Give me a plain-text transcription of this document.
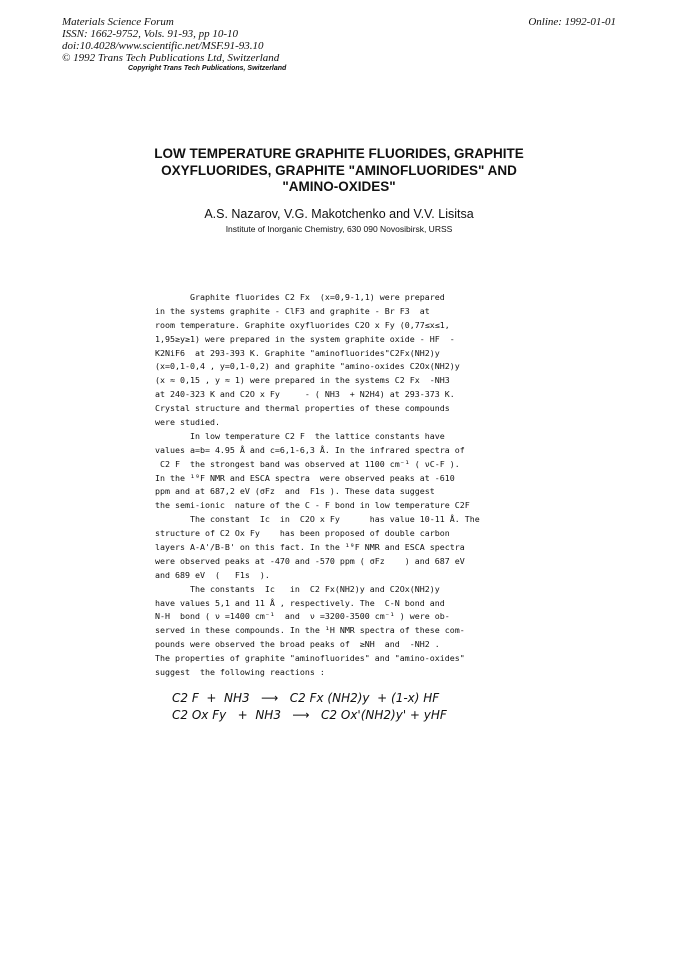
Materials Science Forum
ISSN: 1662-9752, Vols. 91-93, pp 10-10
doi:10.4028/www.scientific.net/MSF.91-93.10
© 1992 Trans Tech Publications Ltd, Switzerland
Copyright Trans Tech Publications, Switzerland
Online: 1992-01-01
LOW TEMPERATURE GRAPHITE FLUORIDES, GRAPHITE
OXYFLUORIDES, GRAPHITE "AMINOFLUORIDES" AND
"AMINO-OXIDES"
A.S. Nazarov, V.G. Makotchenko and V.V. Lisitsa
Institute of Inorganic Chemistry, 630 090 Novosibirsk, URSS
Graphite fluorides C2 Fx  (x=0,9-1,1) were prepared
in the systems graphite - ClF3 and graphite - Br F3  at
room temperature. Graphite oxyfluorides C2O x Fy (0,77≤x≤1,
1,95≥y≥1) were prepared in the system graphite oxide - HF  -
K2NiF6  at 293-393 K. Graphite "aminofluorides"C2Fx(NH2)y
(x=0,1-0,4 , y=0,1-0,2) and graphite "amino-oxides C2Ox(NH2)y
(x ≈ 0,15 , y ≈ 1) were prepared in the systems C2 Fx  -NH3
at 240-323 K and C2O x Fy     - ( NH3  + N2H4) at 293-373 K.
Crystal structure and thermal properties of these compounds
were studied.
In low temperature C2 F  the lattice constants have
values a=b= 4.95 Å and c=6,1-6,3 Å. In the infrared spectra of
C2 F  the strongest band was observed at 1100 cm⁻¹ ( νC-F ).
In the ¹⁹F NMR and ESCA spectra  were observed peaks at -610
ppm and at 687,2 eV (σFz  and  F1s ). These data suggest
the semi-ionic  nature of the C - F bond in low temperature C2F
The constant  Ic  in  C2O x Fy      has value 10-11 Å. The
structure of C2 Ox Fy    has been proposed of double carbon
layers A-A'/B-B' on this fact. In the ¹⁹F NMR and ESCA spectra
were observed peaks at -470 and -570 ppm ( σFz    ) and 687 eV
and 689 eV  (   F1s  ).
The constants  Ic   in  C2 Fx(NH2)y and C2Ox(NH2)y
have values 5,1 and 11 Å , respectively. The  C-N bond and
N-H  bond ( ν =1400 cm⁻¹  and  ν =3200-3500 cm⁻¹ ) were ob-
served in these compounds. In the ¹H NMR spectra of these com-
pounds were observed the broad peaks of  ≥NH  and  -NH2 .
The properties of graphite "aminofluorides" and "amino-oxides"
suggest  the following reactions :
C2 F  +  NH3   ⟶   C2 Fx (NH2)y  + (1-x) HF
C2 Ox Fy   +  NH3   ⟶   C2 Ox'(NH2)y' + yHF
